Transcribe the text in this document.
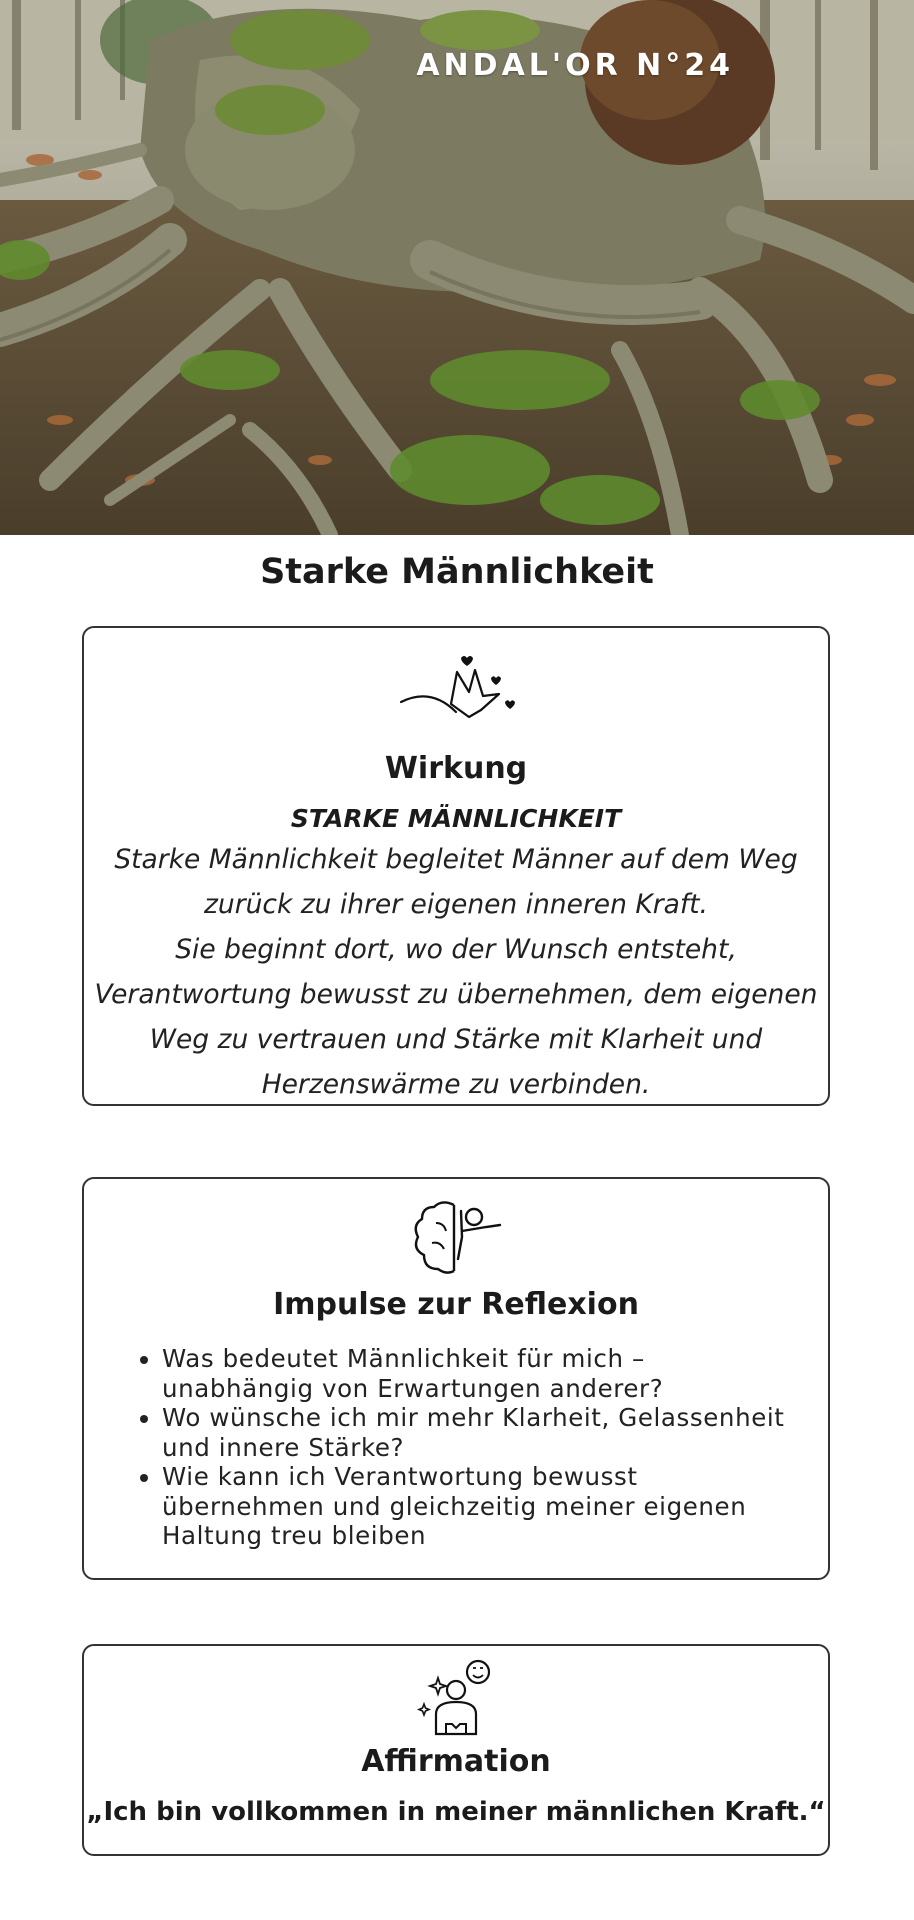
ANDAL'OR N°24
Starke Männlichkeit
Wirkung
STARKE MÄNNLICHKEIT

Starke Männlichkeit begleitet Männer auf dem Weg zurück zu ihrer eigenen inneren Kraft.

Sie beginnt dort, wo der Wunsch entsteht, Verantwortung bewusst zu übernehmen, dem eigenen Weg zu vertrauen und Stärke mit Klarheit und Herzenswärme zu verbinden.

Impulse zur Reflexion
• Was bedeutet Männlichkeit für mich – unabhängig von Erwartungen anderer?
• Wo wünsche ich mir mehr Klarheit, Gelassenheit und innere Stärke?
• Wie kann ich Verantwortung bewusst übernehmen und gleichzeitig meiner eigenen Haltung treu bleiben
Affirmation
„Ich bin vollkommen in meiner männlichen Kraft.“
